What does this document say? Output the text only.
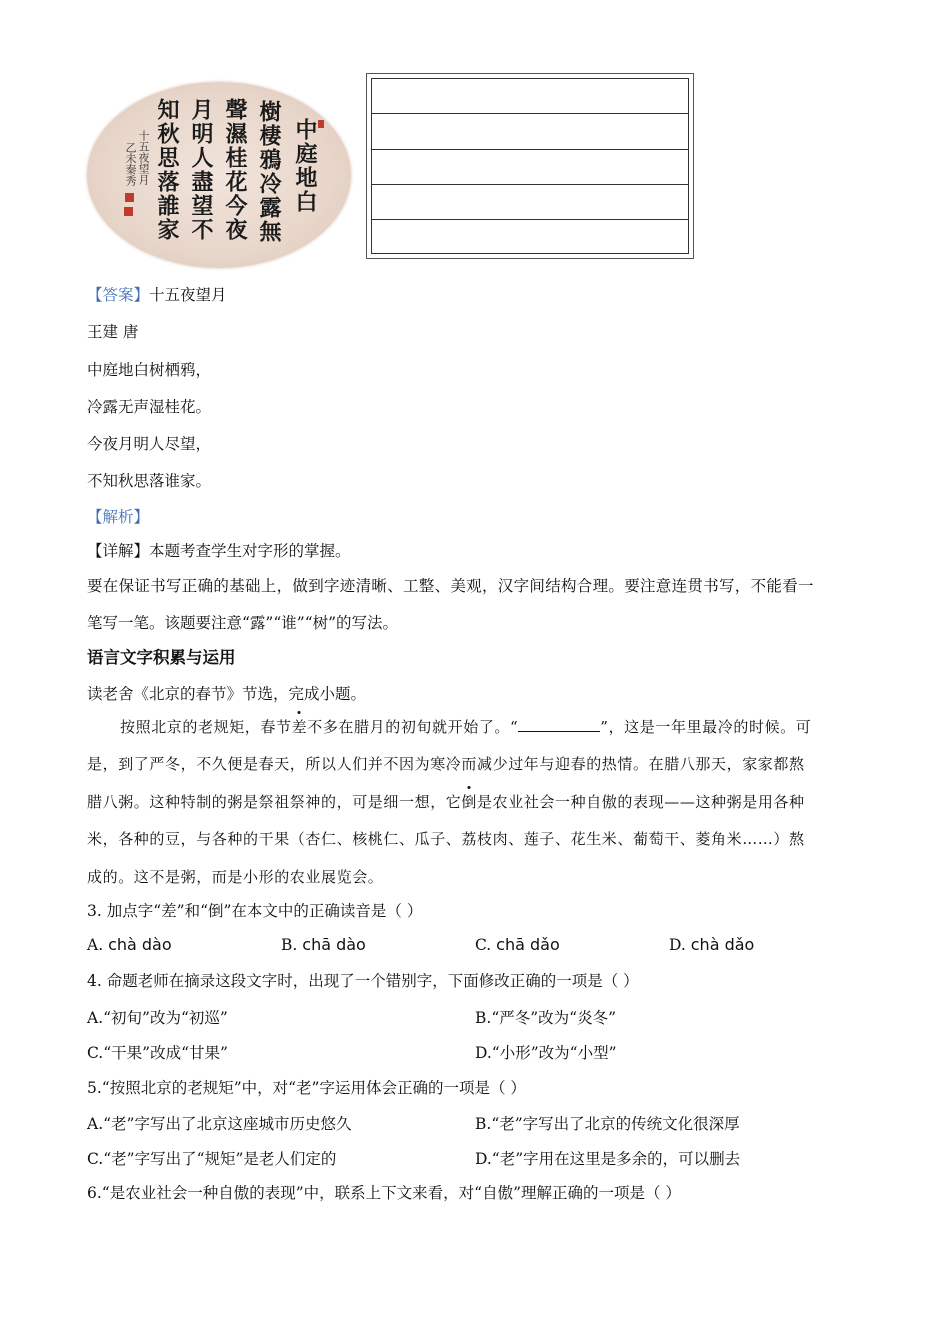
中庭地白
樹棲鴉冷露無
聲濕桂花今夜
月明人盡望不
知秋思落誰家
十五夜望月
乙未秦秀
【答案】十五夜望月
王建 唐
中庭地白树栖鸦，
冷露无声湿桂花。
今夜月明人尽望，
不知秋思落谁家。
【解析】
【详解】本题考查学生对字形的掌握。
要在保证书写正确的基础上，做到字迹清晰、工整、美观，汉字间结构合理。要注意连贯书写，不能看一
笔写一笔。该题要注意“露”“谁”“树”的写法。
语言文字积累与运用
读老舍《北京的春节》节选，完成小题。
按照北京的老规矩，春节差不多在腊月的初旬就开始了。“	”，这是一年里最冷的时候。可
是，到了严冬，不久便是春天，所以人们并不因为寒冷而减少过年与迎春的热情。在腊八那天，家家都熬
腊八粥。这种特制的粥是祭祖祭神的，可是细一想，它倒是农业社会一种自傲的表现——这种粥是用各种
米，各种的豆，与各种的干果（杏仁、核桃仁、瓜子、荔枝肉、莲子、花生米、葡萄干、菱角米……）熬
成的。这不是粥，而是小形的农业展览会。
3. 加点字“差”和“倒”在本文中的正确读音是（ ）
A. chà dào	B. chā dào	C. chā dǎo	D. chà dǎo
4. 命题老师在摘录这段文字时，出现了一个错别字，下面修改正确的一项是（ ）
A.“初旬”改为“初巡”	B.“严冬”改为“炎冬”
C.“干果”改成“甘果”	D.“小形”改为“小型”
5.“按照北京的老规矩”中，对“老”字运用体会正确的一项是（ ）
A.“老”字写出了北京这座城市历史悠久	B.“老”字写出了北京的传统文化很深厚
C.“老”字写出了“规矩”是老人们定的	D.“老”字用在这里是多余的，可以删去
6.“是农业社会一种自傲的表现”中，联系上下文来看，对“自傲”理解正确的一项是（ ）
